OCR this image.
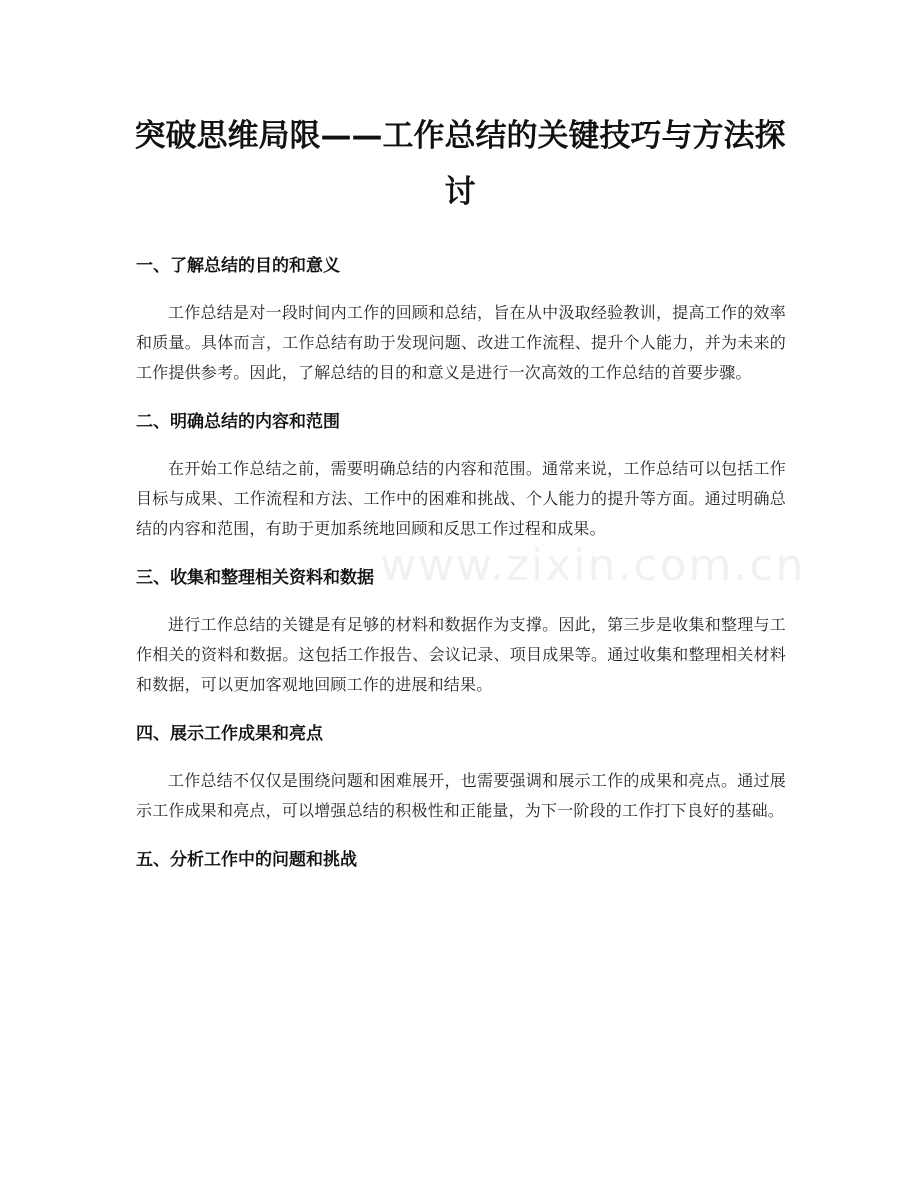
www.zixin.com.cn
突破思维局限——工作总结的关键技巧与方法探讨
一、了解总结的目的和意义

工作总结是对一段时间内工作的回顾和总结，旨在从中汲取经验教训，提高工作的效率和质量。具体而言，工作总结有助于发现问题、改进工作流程、提升个人能力，并为未来的工作提供参考。因此，了解总结的目的和意义是进行一次高效的工作总结的首要步骤。

二、明确总结的内容和范围

在开始工作总结之前，需要明确总结的内容和范围。通常来说，工作总结可以包括工作目标与成果、工作流程和方法、工作中的困难和挑战、个人能力的提升等方面。通过明确总结的内容和范围，有助于更加系统地回顾和反思工作过程和成果。

三、收集和整理相关资料和数据

进行工作总结的关键是有足够的材料和数据作为支撑。因此，第三步是收集和整理与工作相关的资料和数据。这包括工作报告、会议记录、项目成果等。通过收集和整理相关材料和数据，可以更加客观地回顾工作的进展和结果。

四、展示工作成果和亮点

工作总结不仅仅是围绕问题和困难展开，也需要强调和展示工作的成果和亮点。通过展示工作成果和亮点，可以增强总结的积极性和正能量，为下一阶段的工作打下良好的基础。

五、分析工作中的问题和挑战
